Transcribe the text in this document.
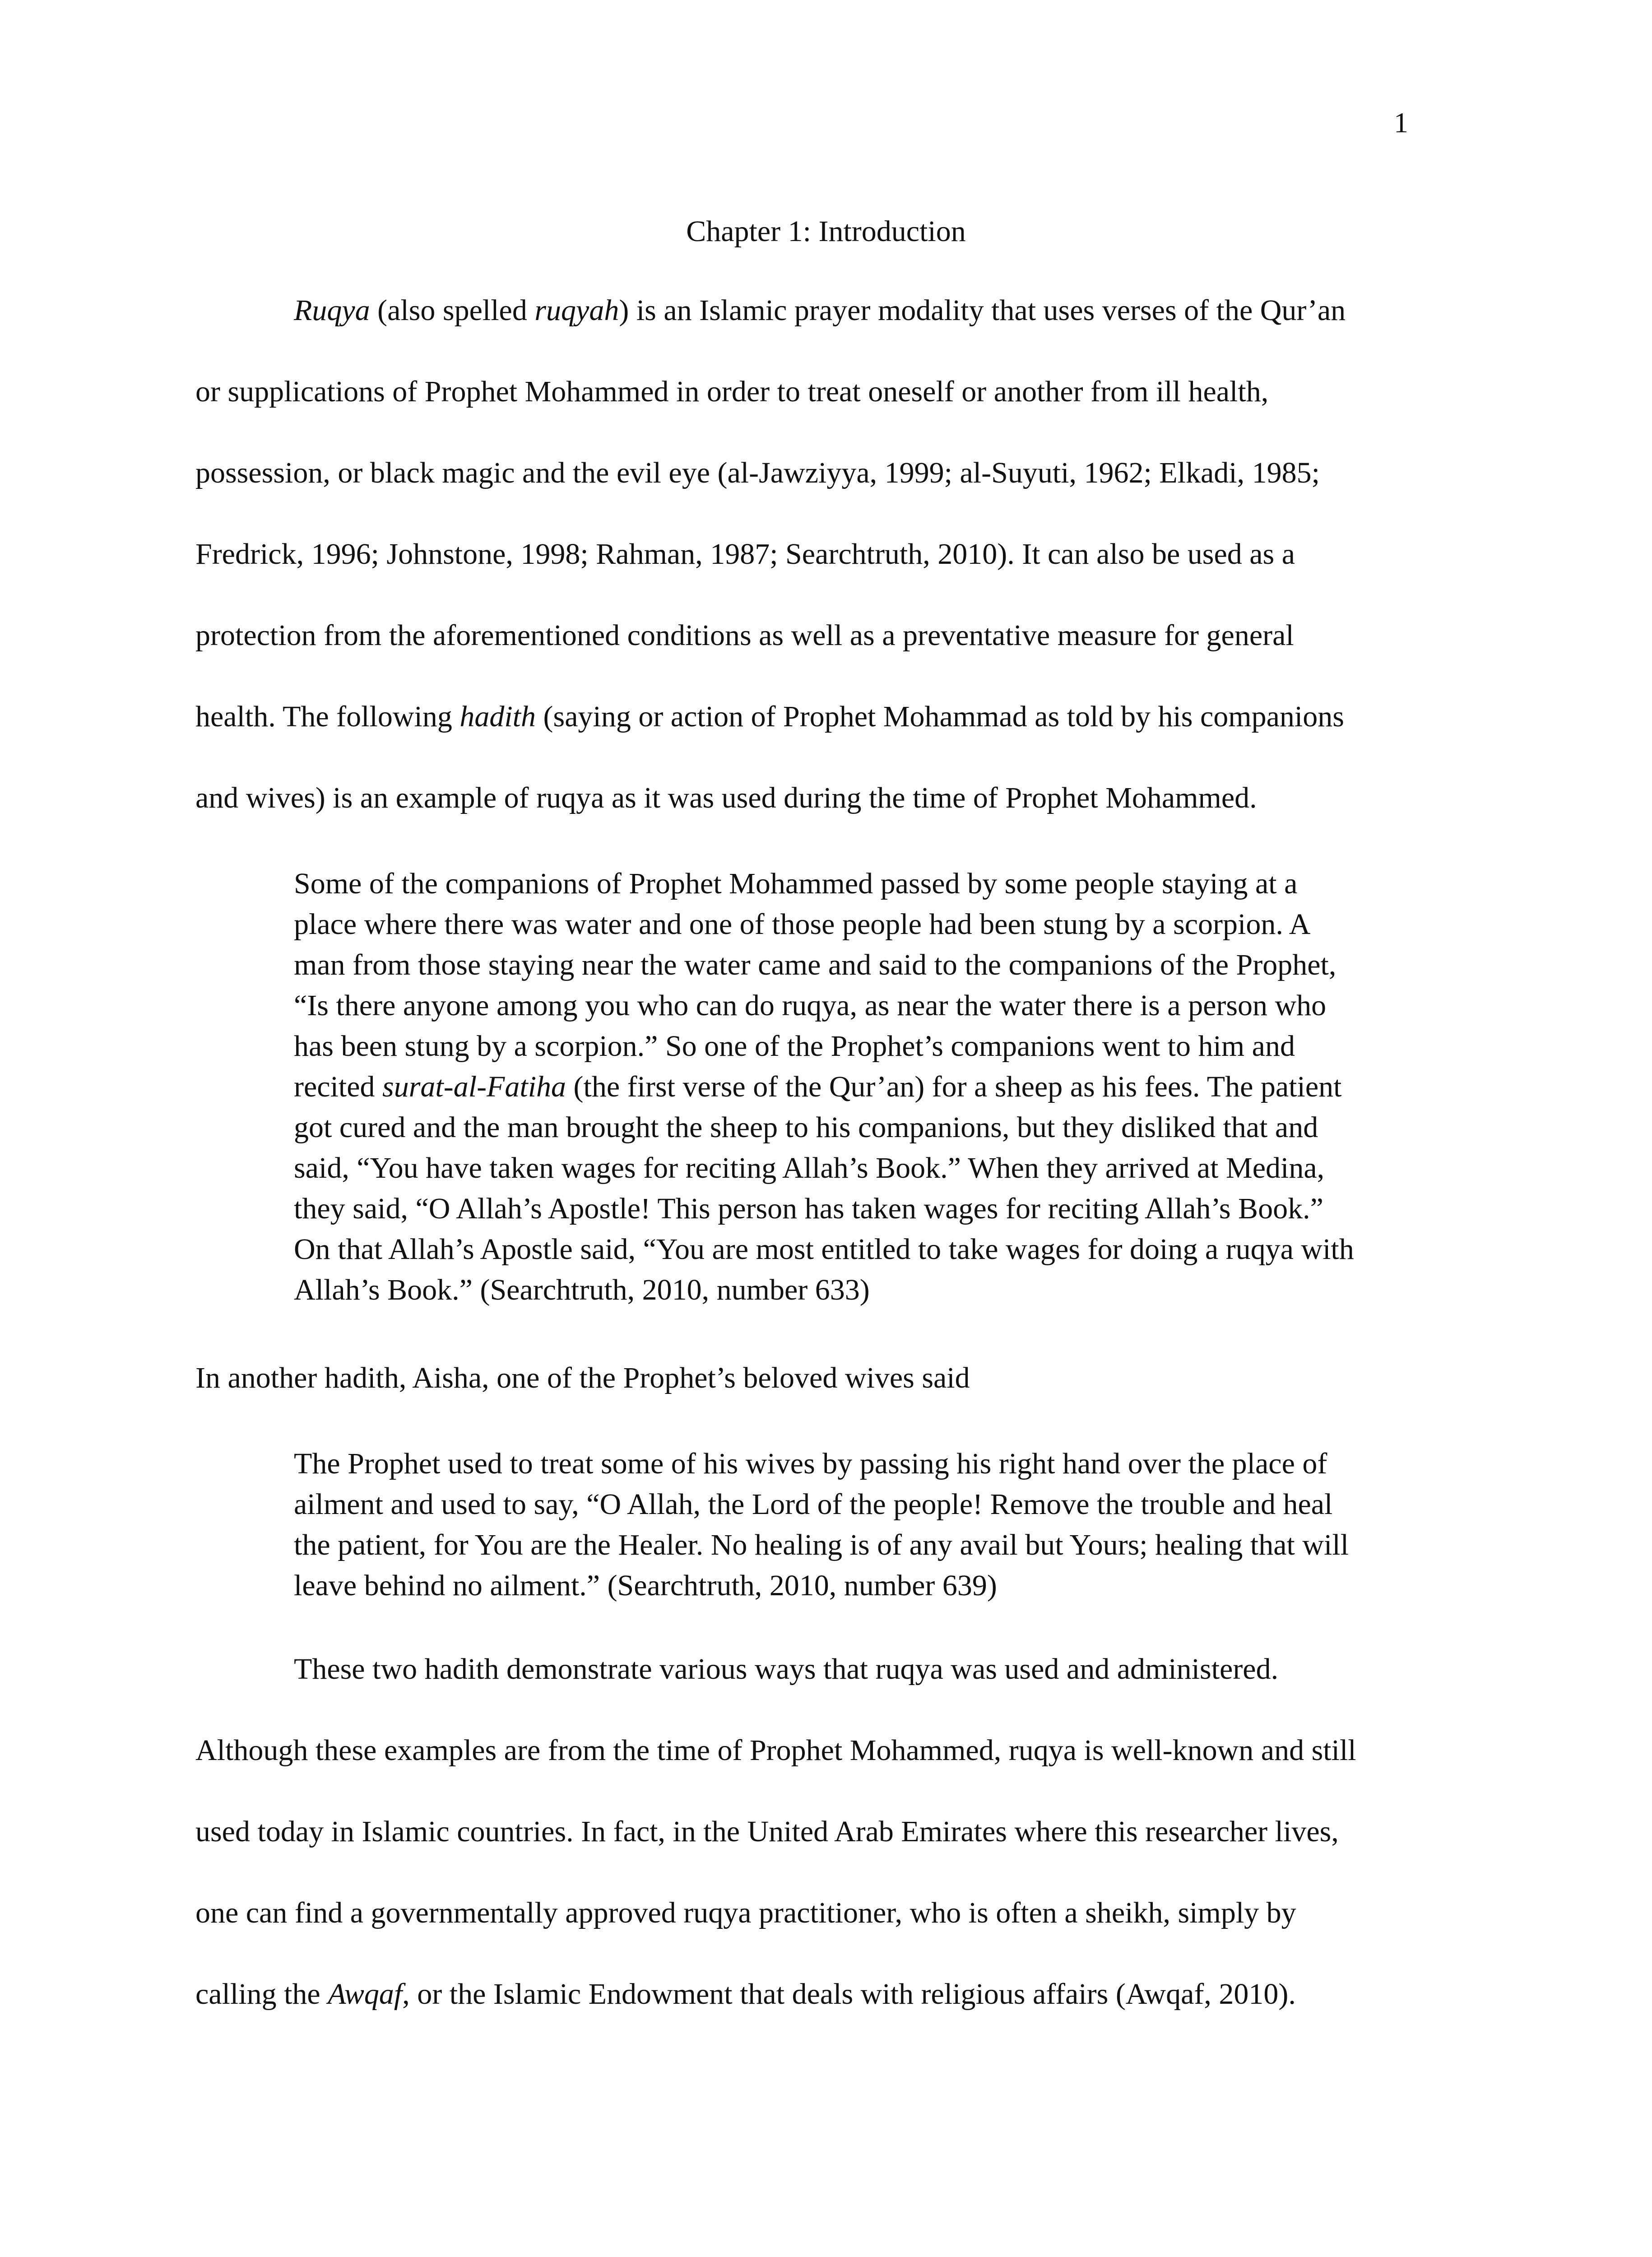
1
Chapter 1: Introduction
Ruqya (also spelled ruqyah) is an Islamic prayer modality that uses verses of the Qur’an
or supplications of Prophet Mohammed in order to treat oneself or another from ill health,
possession, or black magic and the evil eye (al-Jawziyya, 1999; al-Suyuti, 1962; Elkadi, 1985;
Fredrick, 1996; Johnstone, 1998; Rahman, 1987; Searchtruth, 2010). It can also be used as a
protection from the aforementioned conditions as well as a preventative measure for general
health. The following hadith (saying or action of Prophet Mohammad as told by his companions
and wives) is an example of ruqya as it was used during the time of Prophet Mohammed.
Some of the companions of Prophet Mohammed passed by some people staying at a
place where there was water and one of those people had been stung by a scorpion. A
man from those staying near the water came and said to the companions of the Prophet,
“Is there anyone among you who can do ruqya, as near the water there is a person who
has been stung by a scorpion.” So one of the Prophet’s companions went to him and
recited surat-al-Fatiha (the first verse of the Qur’an) for a sheep as his fees. The patient
got cured and the man brought the sheep to his companions, but they disliked that and
said, “You have taken wages for reciting Allah’s Book.” When they arrived at Medina,
they said, “O Allah’s Apostle! This person has taken wages for reciting Allah’s Book.”
On that Allah’s Apostle said, “You are most entitled to take wages for doing a ruqya with
Allah’s Book.” (Searchtruth, 2010, number 633)
In another hadith, Aisha, one of the Prophet’s beloved wives said
The Prophet used to treat some of his wives by passing his right hand over the place of
ailment and used to say, “O Allah, the Lord of the people! Remove the trouble and heal
the patient, for You are the Healer. No healing is of any avail but Yours; healing that will
leave behind no ailment.” (Searchtruth, 2010, number 639)
These two hadith demonstrate various ways that ruqya was used and administered.
Although these examples are from the time of Prophet Mohammed, ruqya is well-known and still
used today in Islamic countries. In fact, in the United Arab Emirates where this researcher lives,
one can find a governmentally approved ruqya practitioner, who is often a sheikh, simply by
calling the Awqaf, or the Islamic Endowment that deals with religious affairs (Awqaf, 2010).
